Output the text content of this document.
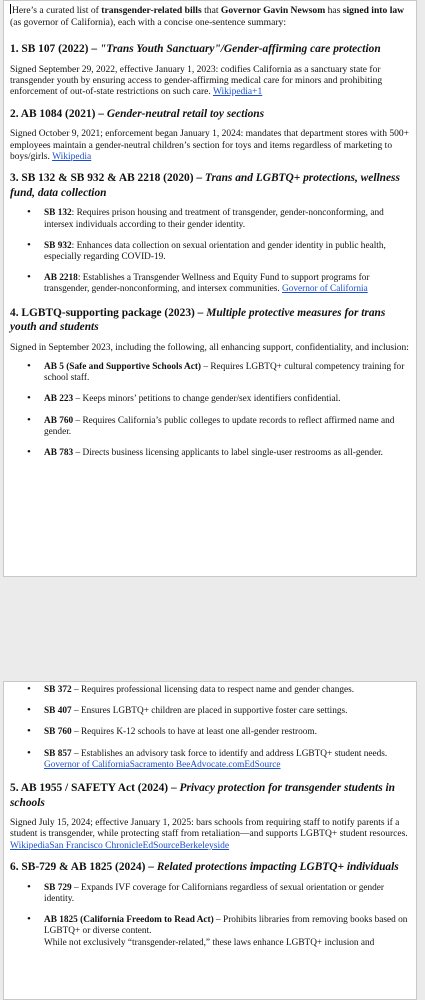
Here’s a curated list of transgender-related bills that Governor Gavin Newsom has signed into law (as governor of California), each with a concise one-sentence summary:

1. SB 107 (2022) – "Trans Youth Sanctuary"/Gender-affirming care protection

Signed September 29, 2022, effective January 1, 2023: codifies California as a sanctuary state for transgender youth by ensuring access to gender-affirming medical care for minors and prohibiting enforcement of out-of-state restrictions on such care. Wikipedia+1

2. AB 1084 (2021) – Gender-neutral retail toy sections

Signed October 9, 2021; enforcement began January 1, 2024: mandates that department stores with 500+ employees maintain a gender-neutral children’s section for toys and items regardless of marketing to boys/girls. Wikipedia

3. SB 132 & SB 932 & AB 2218 (2020) – Trans and LGBTQ+ protections, wellness fund, data collection
• SB 132: Requires prison housing and treatment of transgender, gender-nonconforming, and intersex individuals according to their gender identity.
• SB 932: Enhances data collection on sexual orientation and gender identity in public health, especially regarding COVID-19.
• AB 2218: Establishes a Transgender Wellness and Equity Fund to support programs for transgender, gender-nonconforming, and intersex communities. Governor of California
4. LGBTQ-supporting package (2023) – Multiple protective measures for trans youth and students

Signed in September 2023, including the following, all enhancing support, confidentiality, and inclusion:

• AB 5 (Safe and Supportive Schools Act) – Requires LGBTQ+ cultural competency training for school staff.
• AB 223 – Keeps minors’ petitions to change gender/sex identifiers confidential.
• AB 760 – Requires California’s public colleges to update records to reflect affirmed name and gender.
• AB 783 – Directs business licensing applicants to label single-user restrooms as all-gender.
• SB 372 – Requires professional licensing data to respect name and gender changes.
• SB 407 – Ensures LGBTQ+ children are placed in supportive foster care settings.
• SB 760 – Requires K-12 schools to have at least one all-gender restroom.
• SB 857 – Establishes an advisory task force to identify and address LGBTQ+ student needs. Governor of CaliforniaSacramento BeeAdvocate.comEdSource
5. AB 1955 / SAFETY Act (2024) – Privacy protection for transgender students in schools

Signed July 15, 2024; effective January 1, 2025: bars schools from requiring staff to notify parents if a student is transgender, while protecting staff from retaliation—and supports LGBTQ+ student resources. WikipediaSan Francisco ChronicleEdSourceBerkeleyside

6. SB-729 & AB 1825 (2024) – Related protections impacting LGBTQ+ individuals
• SB 729 – Expands IVF coverage for Californians regardless of sexual orientation or gender identity.
• AB 1825 (California Freedom to Read Act) – Prohibits libraries from removing books based on LGBTQ+ or diverse content.
While not exclusively “transgender-related,” these laws enhance LGBTQ+ inclusion and
